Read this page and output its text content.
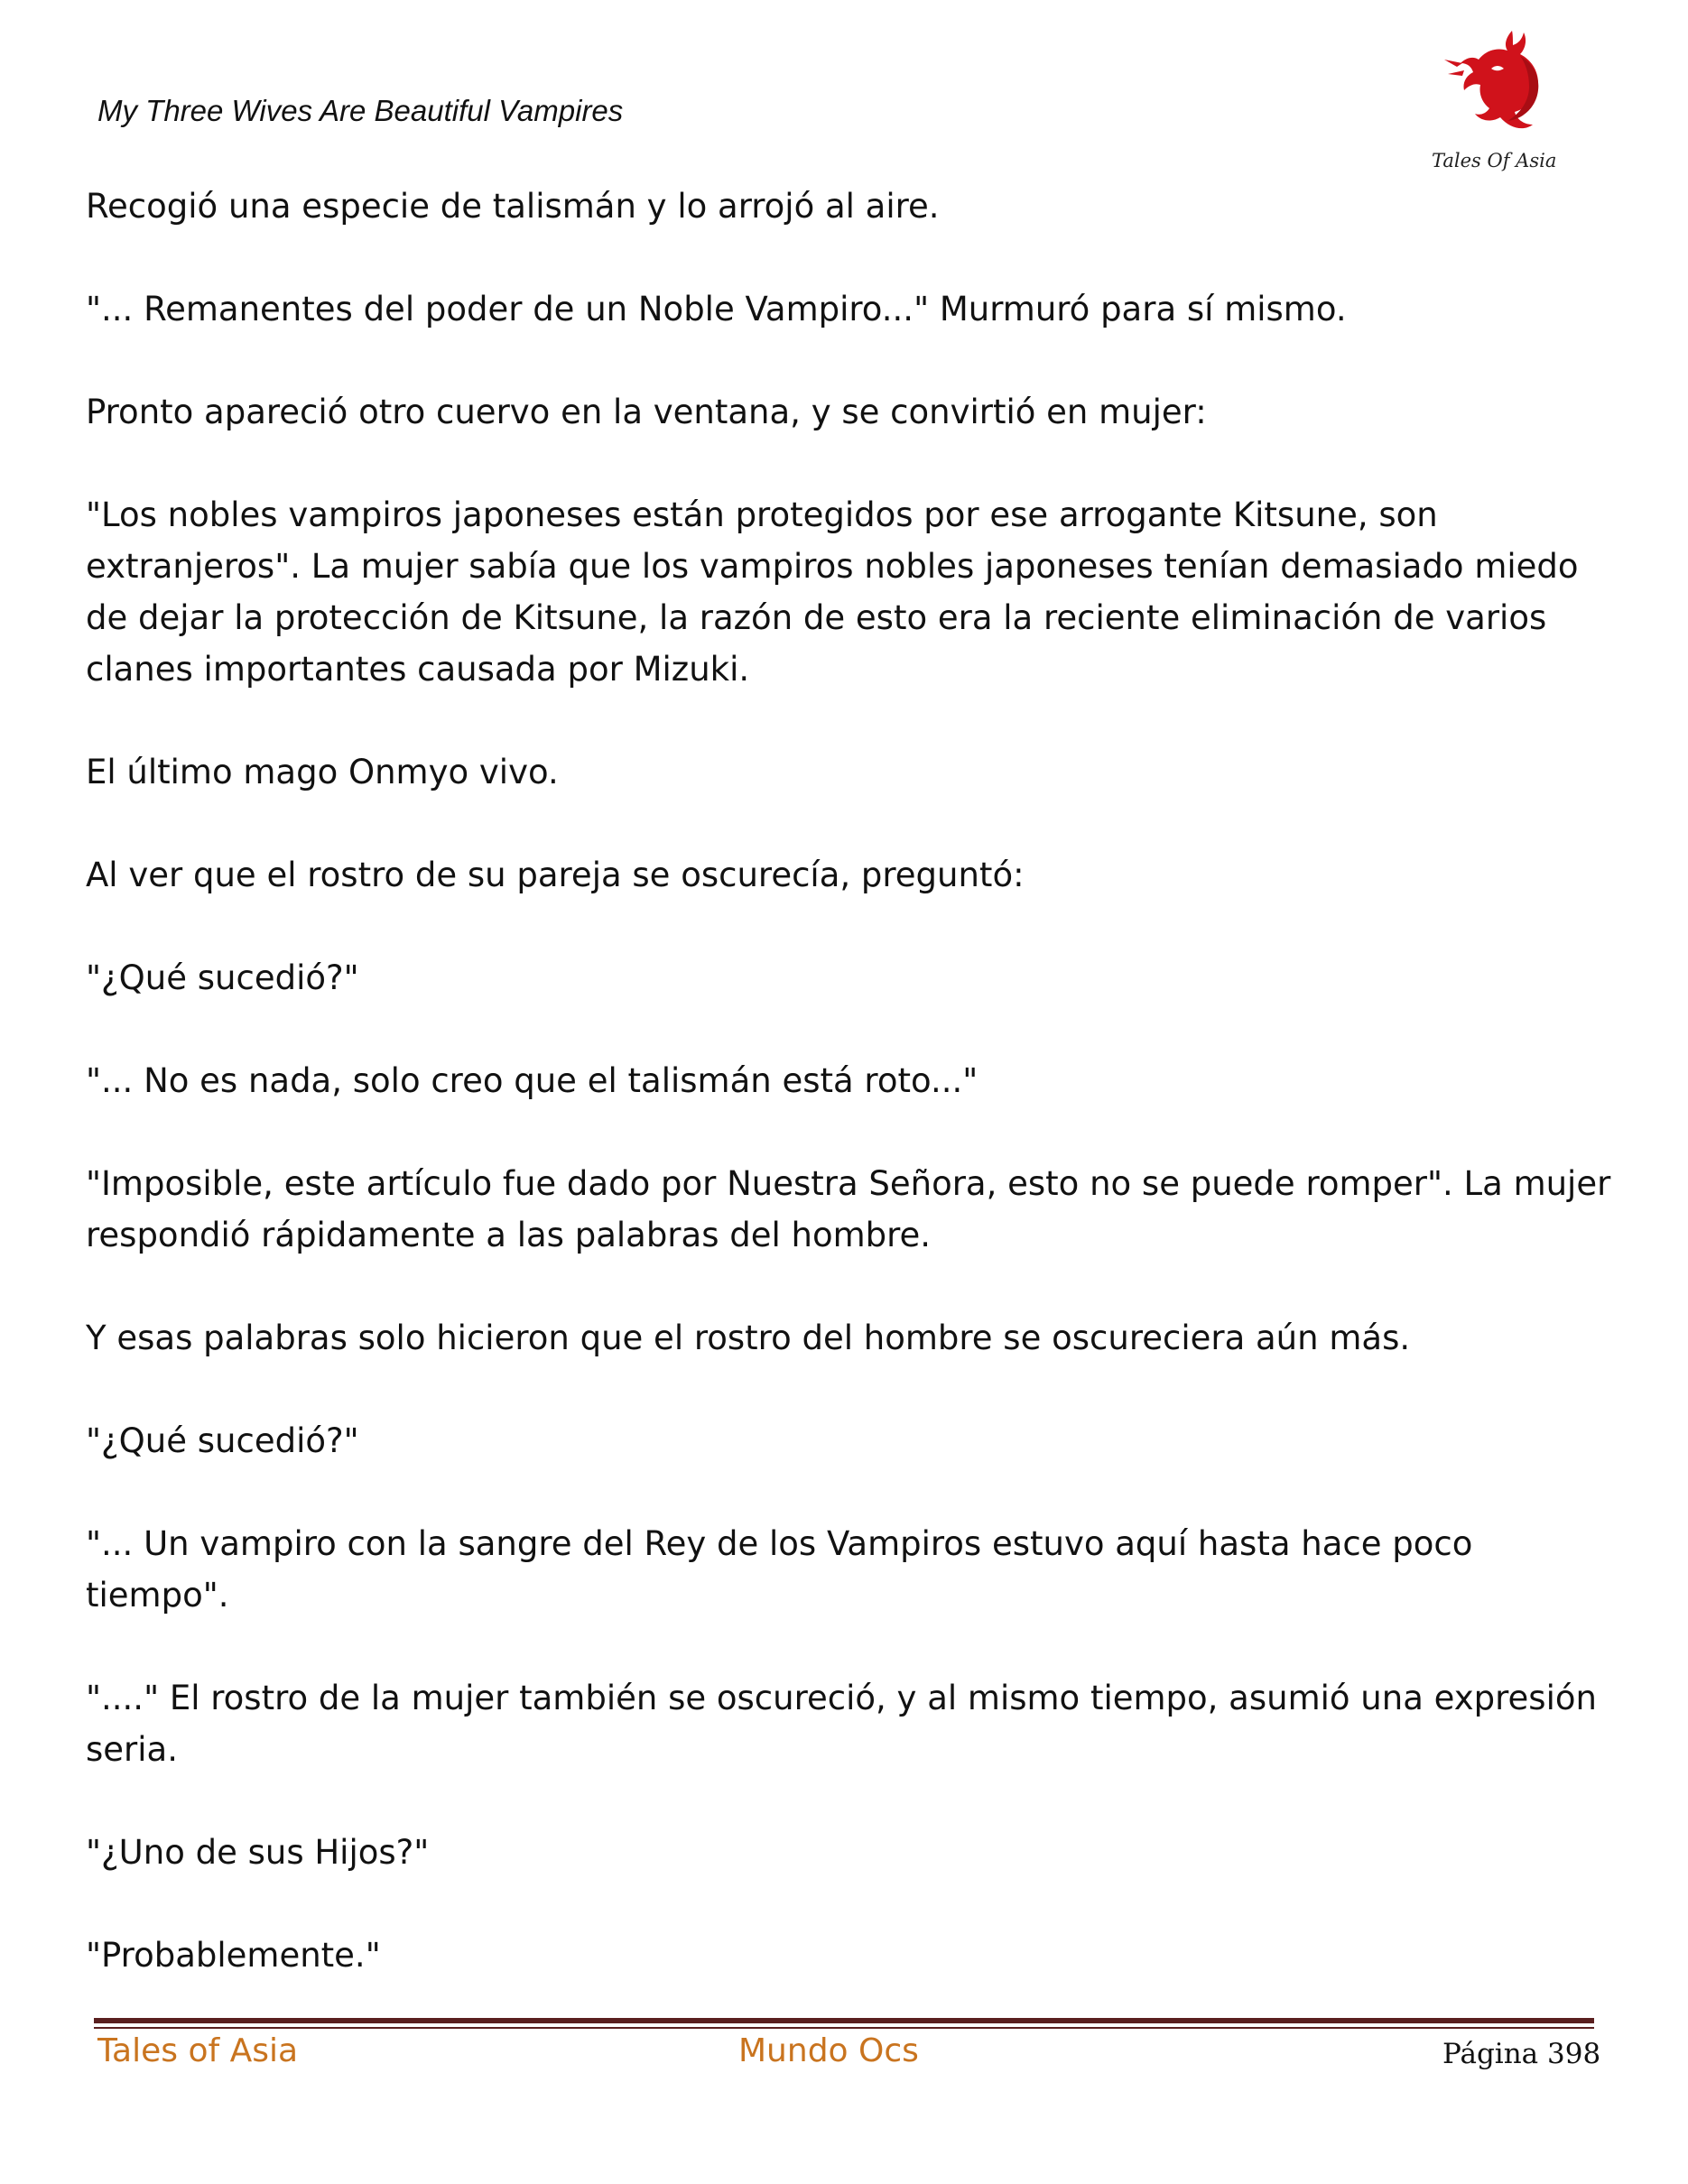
My Three Wives Are Beautiful Vampires
Tales Of Asia

Recogió una especie de talismán y lo arrojó al aire.

"... Remanentes del poder de un Noble Vampiro..." Murmuró para sí mismo.

Pronto apareció otro cuervo en la ventana, y se convirtió en mujer:

"Los nobles vampiros japoneses están protegidos por ese arrogante Kitsune, son extranjeros". La mujer sabía que los vampiros nobles japoneses tenían demasiado miedo de dejar la protección de Kitsune, la razón de esto era la reciente eliminación de varios clanes importantes causada por Mizuki.

El último mago Onmyo vivo.

Al ver que el rostro de su pareja se oscurecía, preguntó:

"¿Qué sucedió?"

"... No es nada, solo creo que el talismán está roto..."

"Imposible, este artículo fue dado por Nuestra Señora, esto no se puede romper". La mujer respondió rápidamente a las palabras del hombre.

Y esas palabras solo hicieron que el rostro del hombre se oscureciera aún más.

"¿Qué sucedió?"

"... Un vampiro con la sangre del Rey de los Vampiros estuvo aquí hasta hace poco tiempo".

"...." El rostro de la mujer también se oscureció, y al mismo tiempo, asumió una expresión seria.

"¿Uno de sus Hijos?"

"Probablemente."

Tales of Asia	Mundo Ocs	Página 398
